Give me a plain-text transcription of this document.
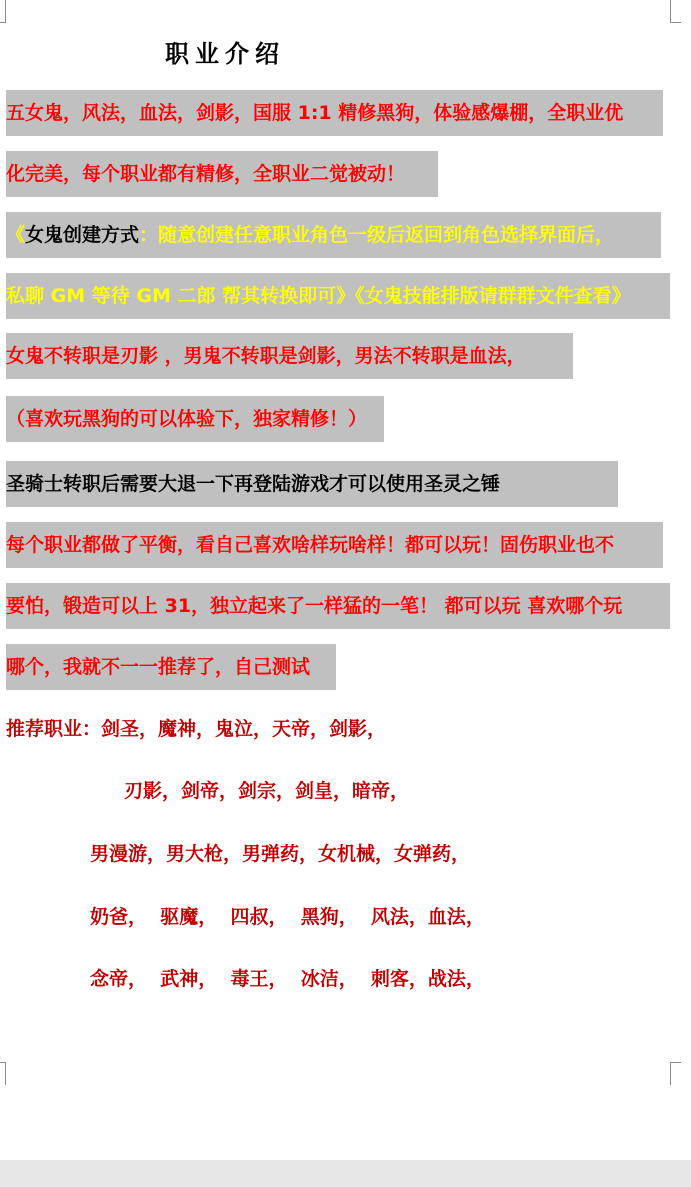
职业介绍
五女鬼，风法，血法，剑影，国服 1:1 精修黑狗，体验感爆棚，全职业优
化完美，每个职业都有精修，全职业二觉被动！
《女鬼创建方式：随意创建任意职业角色一级后返回到角色选择界面后，
私聊 GM 等待 GM 二郎 帮其转换即可》《女鬼技能排版请群群文件查看》
女鬼不转职是刃影 ，男鬼不转职是剑影，男法不转职是血法，
（喜欢玩黑狗的可以体验下，独家精修！）
圣骑士转职后需要大退一下再登陆游戏才可以使用圣灵之锤
每个职业都做了平衡，看自己喜欢啥样玩啥样！都可以玩！固伤职业也不
要怕，锻造可以上 31，独立起来了一样猛的一笔！ 都可以玩 喜欢哪个玩
哪个，我就不一一推荐了，自己测试
推荐职业：剑圣，魔神，鬼泣，天帝，剑影，
刃影，剑帝，剑宗，剑皇，暗帝，
男漫游，男大枪，男弹药，女机械，女弹药，
奶爸，  驱魔，  四叔，  黑狗，  风法，血法，
念帝，  武神，  毒王，  冰洁，  刺客，战法，
